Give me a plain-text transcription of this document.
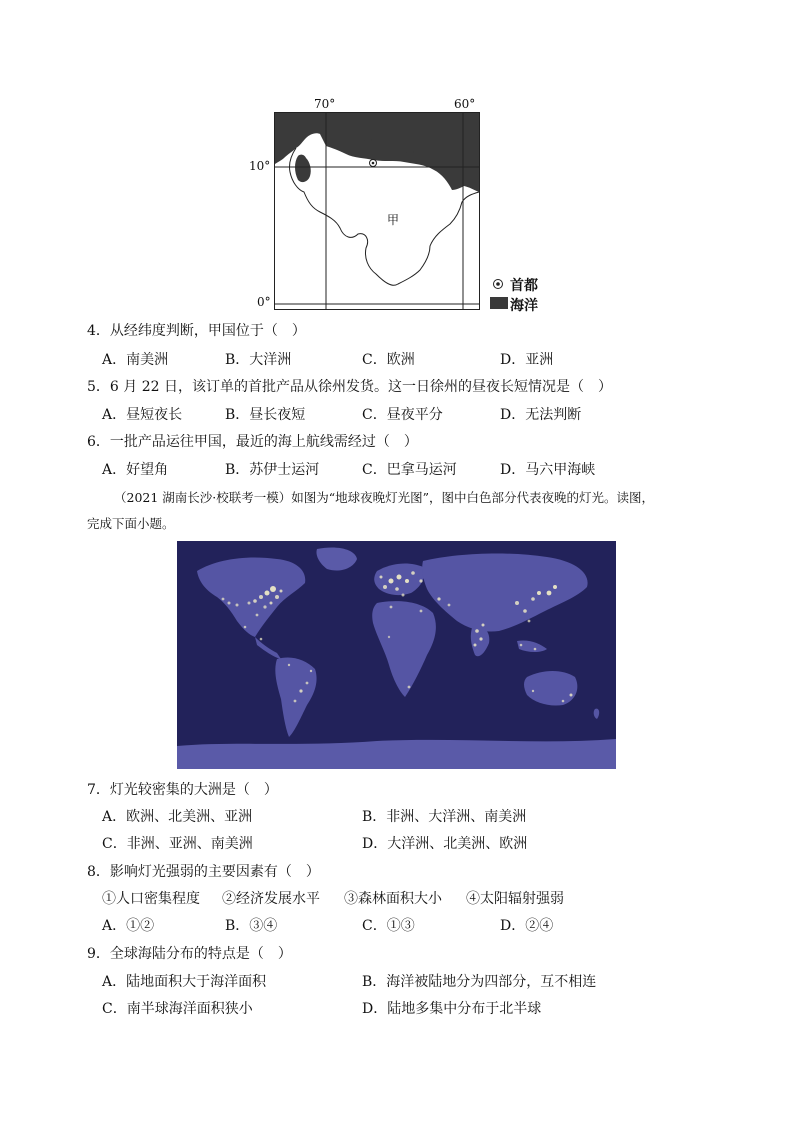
70°	60°
10°
0°
甲
首都
海洋
4．从经纬度判断，甲国位于（　）
A．南美洲	B．大洋洲	C．欧洲	D．亚洲
5．6 月 22 日，该订单的首批产品从徐州发货。这一日徐州的昼夜长短情况是（　）
A．昼短夜长	B．昼长夜短	C．昼夜平分	D．无法判断
6．一批产品运往甲国，最近的海上航线需经过（　）
A．好望角	B．苏伊士运河	C．巴拿马运河	D．马六甲海峡
（2021 湖南长沙·校联考一模）如图为“地球夜晚灯光图”，图中白色部分代表夜晚的灯光。读图，
完成下面小题。
7．灯光较密集的大洲是（　）
A．欧洲、北美洲、亚洲	B．非洲、大洋洲、南美洲
C．非洲、亚洲、南美洲	D．大洋洲、北美洲、欧洲
8．影响灯光强弱的主要因素有（　）
①人口密集程度 ②经济发展水平 ③森林面积大小 ④太阳辐射强弱
A．①②	B．③④	C．①③	D．②④
9．全球海陆分布的特点是（　）
A．陆地面积大于海洋面积	B．海洋被陆地分为四部分，互不相连
C．南半球海洋面积狭小	D．陆地多集中分布于北半球
